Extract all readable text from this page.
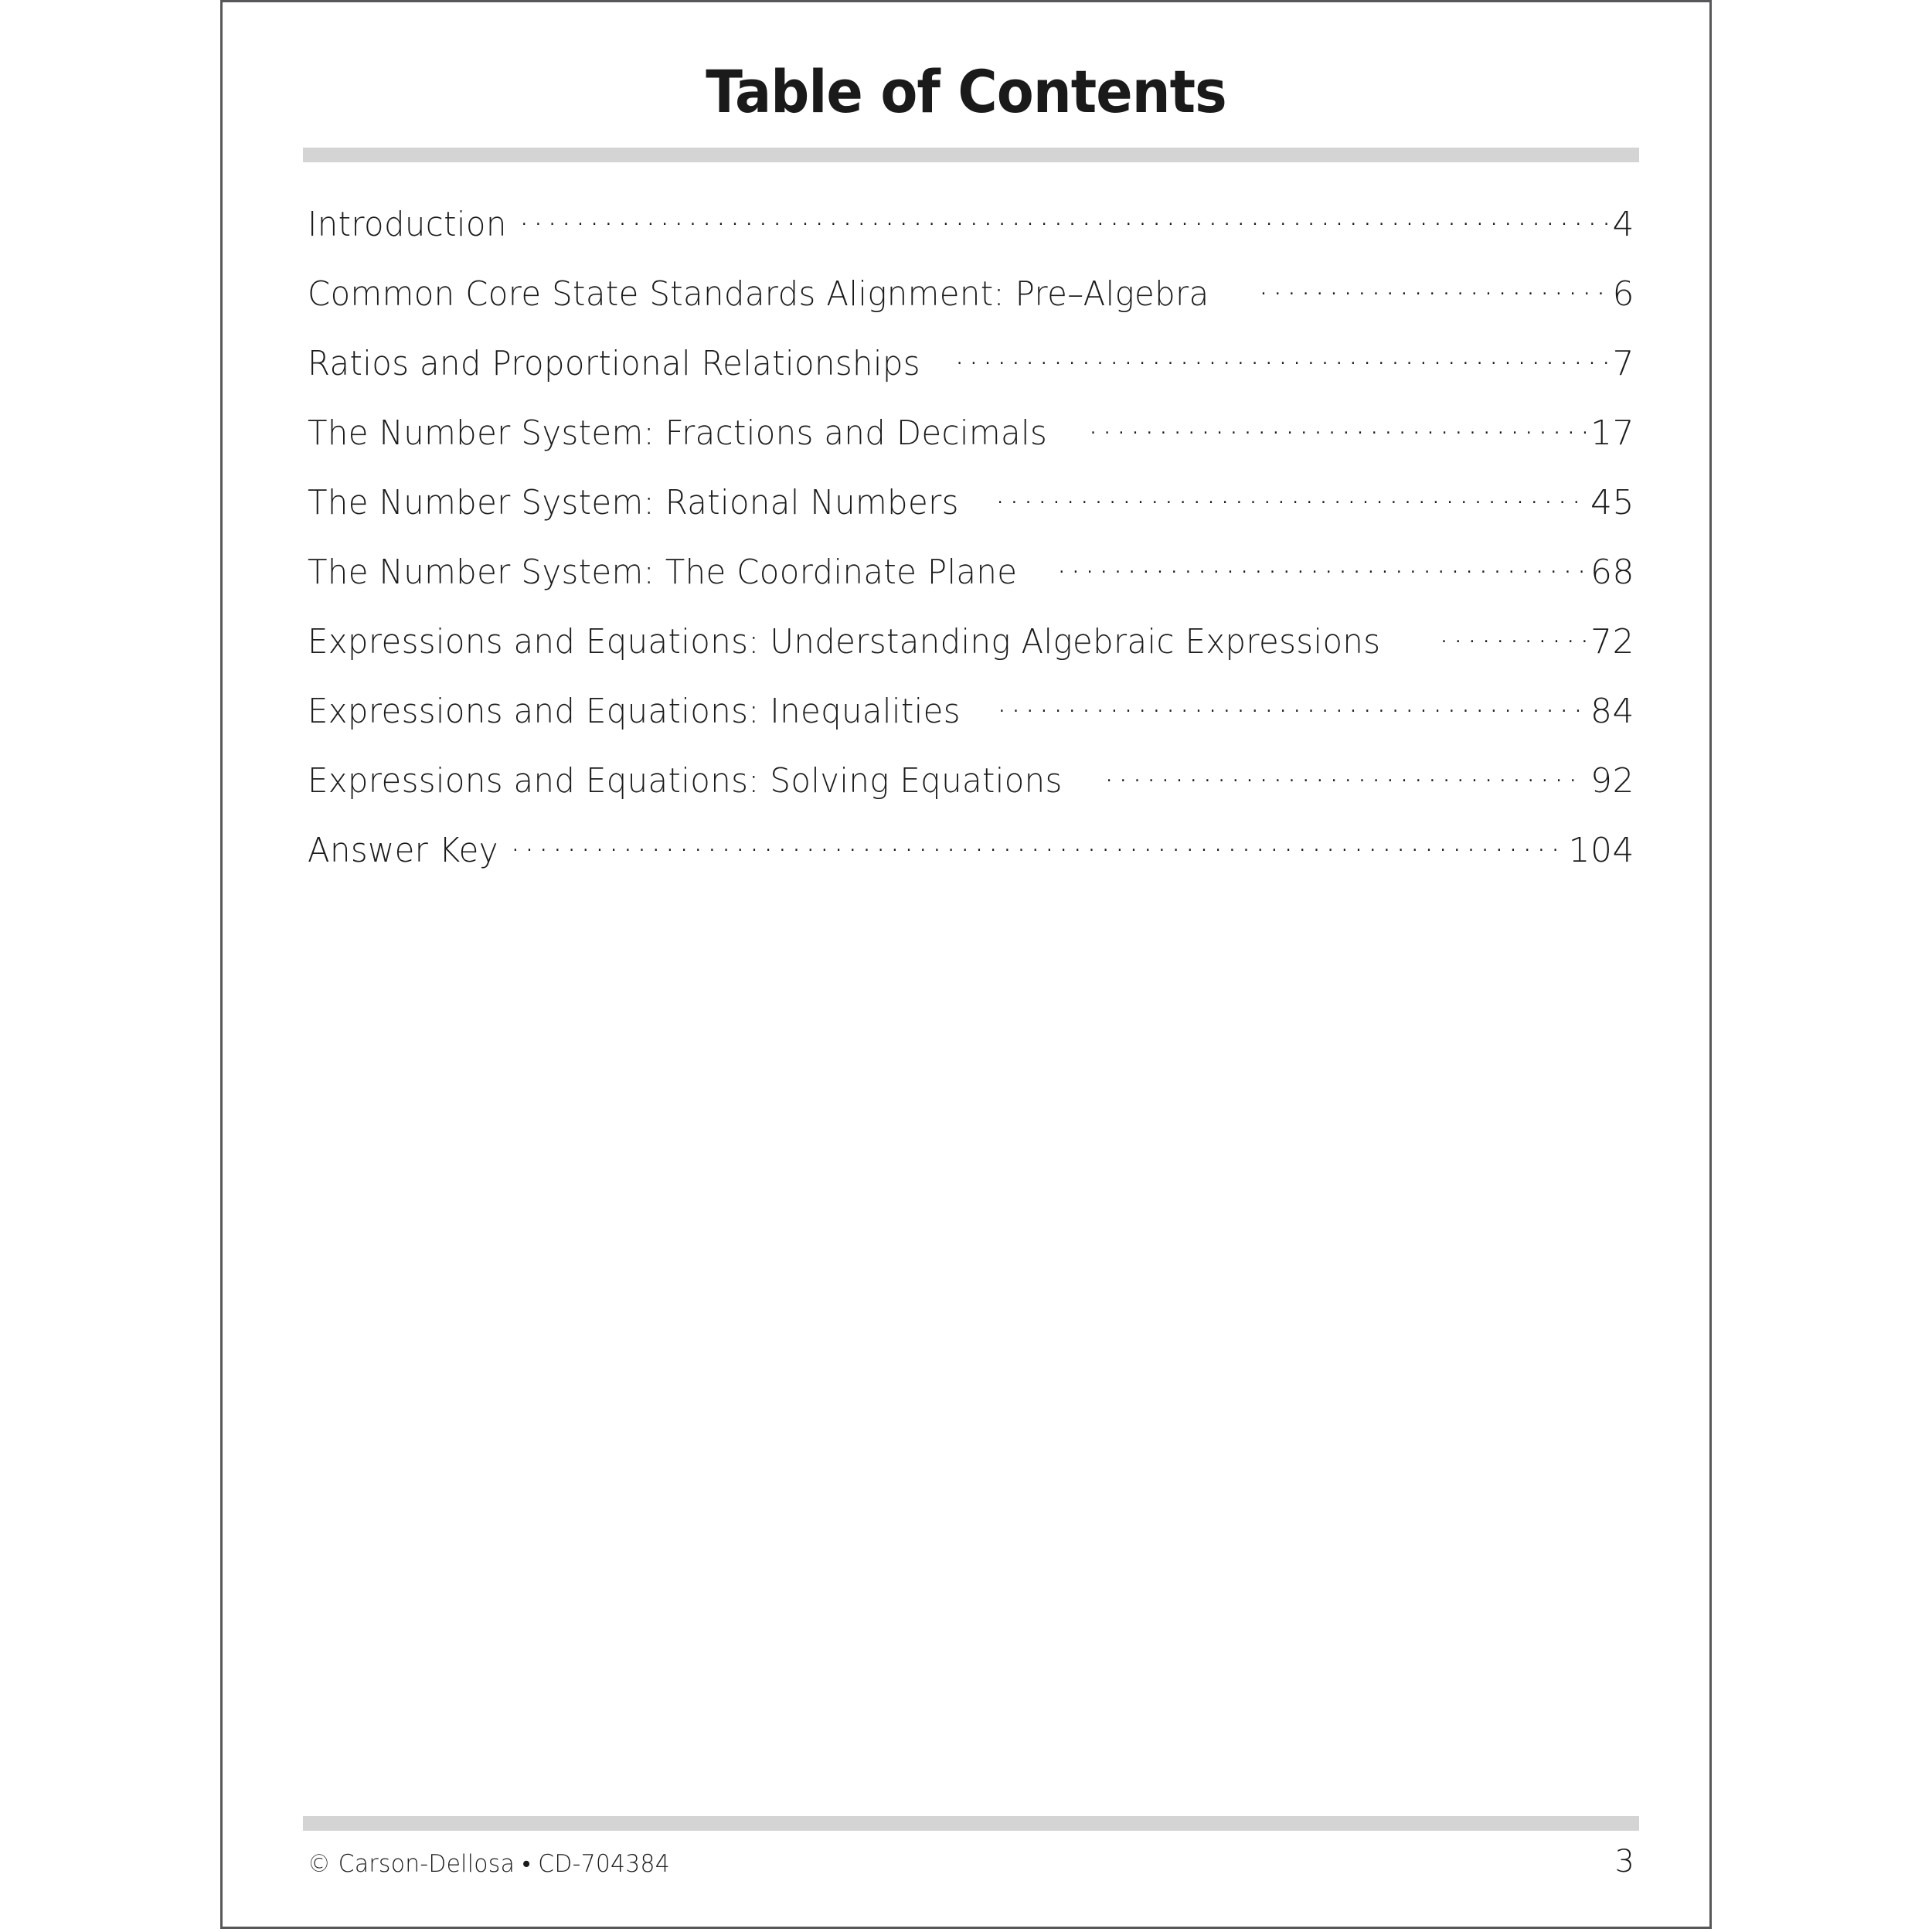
Table of Contents
Introduction .....	4
Common Core State Standards Alignment: Pre–Algebra .....	6
Ratios and Proportional Relationships .....	7
The Number System: Fractions and Decimals .....	17
The Number System: Rational Numbers .....	45
The Number System: The Coordinate Plane .....	68
Expressions and Equations: Understanding Algebraic Expressions .....	72
Expressions and Equations: Inequalities .....	84
Expressions and Equations: Solving Equations .....	92
Answer Key .....	104
© Carson-Dellosa • CD-704384	3
